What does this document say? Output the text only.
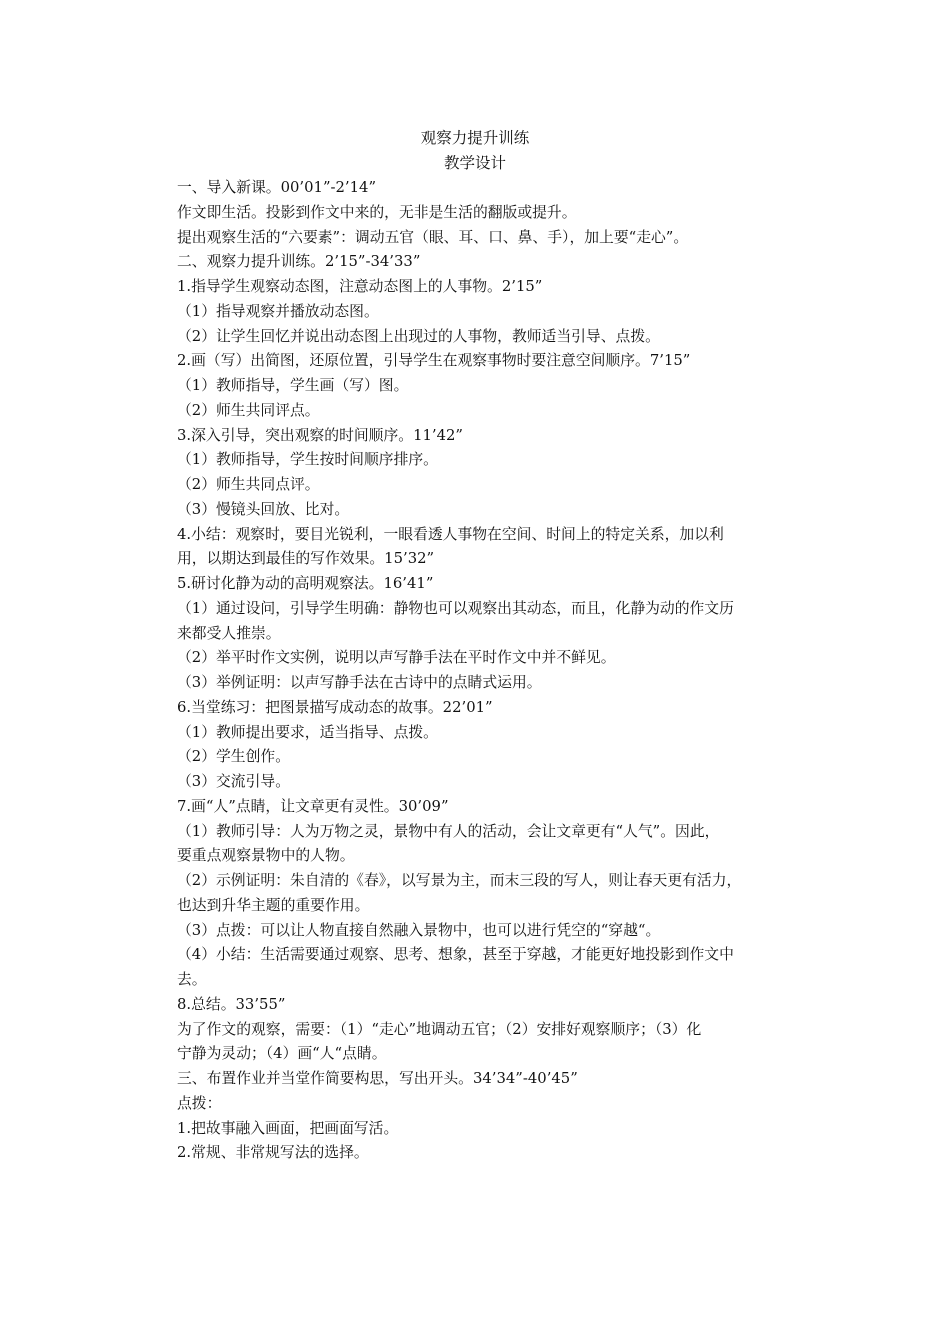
观察力提升训练
教学设计
一、导入新课。00’01”-2’14”
作文即生活。投影到作文中来的，无非是生活的翻版或提升。
提出观察生活的“六要素”：调动五官（眼、耳、口、鼻、手），加上要“走心”。
二、观察力提升训练。2’15”-34’33”
1.指导学生观察动态图，注意动态图上的人事物。2’15”
（1）指导观察并播放动态图。
（2）让学生回忆并说出动态图上出现过的人事物，教师适当引导、点拨。
2.画（写）出简图，还原位置，引导学生在观察事物时要注意空间顺序。7’15”
（1）教师指导，学生画（写）图。
（2）师生共同评点。
3.深入引导，突出观察的时间顺序。11’42”
（1）教师指导，学生按时间顺序排序。
（2）师生共同点评。
（3）慢镜头回放、比对。
4.小结：观察时，要目光锐利，一眼看透人事物在空间、时间上的特定关系，加以利
用，以期达到最佳的写作效果。15’32”
5.研讨化静为动的高明观察法。16’41”
（1）通过设问，引导学生明确：静物也可以观察出其动态，而且，化静为动的作文历
来都受人推崇。
（2）举平时作文实例，说明以声写静手法在平时作文中并不鲜见。
（3）举例证明：以声写静手法在古诗中的点睛式运用。
6.当堂练习：把图景描写成动态的故事。22’01”
（1）教师提出要求，适当指导、点拨。
（2）学生创作。
（3）交流引导。
7.画“人”点睛，让文章更有灵性。30’09”
（1）教师引导：人为万物之灵，景物中有人的活动，会让文章更有“人气”。因此，
要重点观察景物中的人物。
（2）示例证明：朱自清的《春》，以写景为主，而末三段的写人，则让春天更有活力，
也达到升华主题的重要作用。
（3）点拨：可以让人物直接自然融入景物中，也可以进行凭空的“穿越“。
（4）小结：生活需要通过观察、思考、想象，甚至于穿越，才能更好地投影到作文中
去。
8.总结。33’55”
为了作文的观察，需要：（1）“走心”地调动五官；（2）安排好观察顺序；（3）化
宁静为灵动；（4）画“人“点睛。
三、布置作业并当堂作简要构思，写出开头。34’34”-40’45”
点拨：
1.把故事融入画面，把画面写活。
2.常规、非常规写法的选择。
